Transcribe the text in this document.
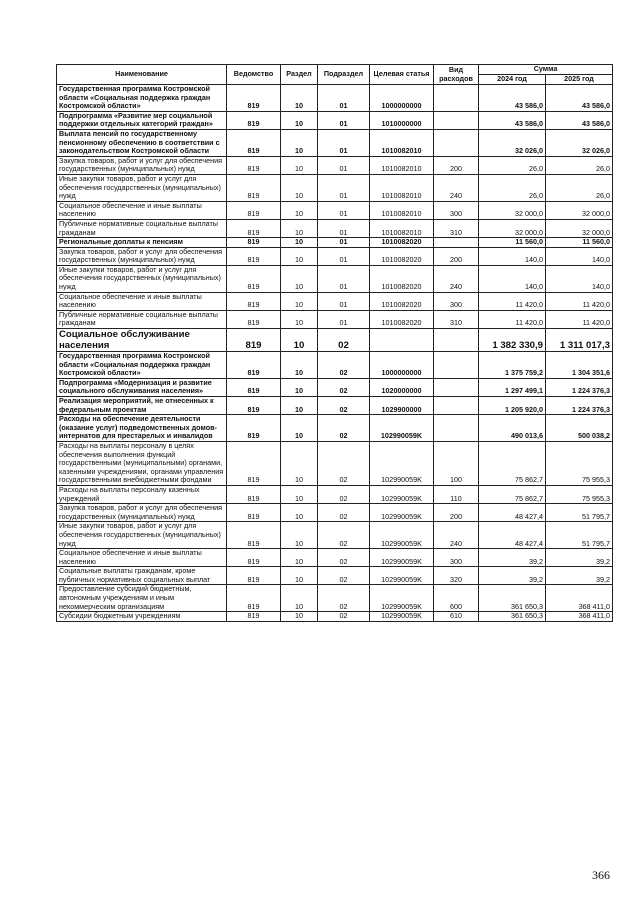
Наименование	Ведомство	Раздел	Подраздел	Целевая статья	Вид расходов	Сумма	
						2024 год	2025 год
Государственная программа Костромской области «Социальная поддержка граждан Костромской области»	819	10	01	1000000000		43 586,0	43 586,0
Подпрограмма «Развитие мер социальной поддержки отдельных категорий граждан»	819	10	01	1010000000		43 586,0	43 586,0
Выплата пенсий по государственному пенсионному обеспечению в соответствии с законодательством Костромской области	819	10	01	1010082010		32 026,0	32 026,0
Закупка товаров, работ и услуг для обеспечения государственных (муниципальных) нужд	819	10	01	1010082010	200	26,0	26,0
Иные закупки товаров, работ и услуг для обеспечения государственных (муниципальных) нужд	819	10	01	1010082010	240	26,0	26,0
Социальное обеспечение и иные выплаты населению	819	10	01	1010082010	300	32 000,0	32 000,0
Публичные нормативные социальные выплаты гражданам	819	10	01	1010082010	310	32 000,0	32 000,0
Региональные доплаты к пенсиям	819	10	01	1010082020		11 560,0	11 560,0
Закупка товаров, работ и услуг для обеспечения государственных (муниципальных) нужд	819	10	01	1010082020	200	140,0	140,0
Иные закупки товаров, работ и услуг для обеспечения государственных (муниципальных) нужд	819	10	01	1010082020	240	140,0	140,0
Социальное обеспечение и иные выплаты населению	819	10	01	1010082020	300	11 420,0	11 420,0
Публичные нормативные социальные выплаты гражданам	819	10	01	1010082020	310	11 420,0	11 420,0
Социальное обслуживание населения	819	10	02			1 382 330,9	1 311 017,3
Государственная программа Костромской области «Социальная поддержка граждан Костромской области»	819	10	02	1000000000		1 375 759,2	1 304 351,6
Подпрограмма «Модернизация и развитие социального обслуживания населения»	819	10	02	1020000000		1 297 499,1	1 224 376,3
Реализация мероприятий, не отнесенных к федеральным проектам	819	10	02	1029900000		1 205 920,0	1 224 376,3
Расходы на обеспечение деятельности (оказание услуг) подведомственных домов-интернатов для престарелых и инвалидов	819	10	02	102990059K		490 013,6	500 038,2
Расходы на выплаты персоналу в целях обеспечения выполнения функций государственными (муниципальными) органами, казенными учреждениями, органами управления государственными внебюджетными фондами	819	10	02	102990059K	100	75 862,7	75 955,3
Расходы на выплаты персоналу казенных учреждений	819	10	02	102990059K	110	75 862,7	75 955,3
Закупка товаров, работ и услуг для обеспечения государственных (муниципальных) нужд	819	10	02	102990059K	200	48 427,4	51 795,7
Иные закупки товаров, работ и услуг для обеспечения государственных (муниципальных) нужд	819	10	02	102990059K	240	48 427,4	51 795,7
Социальное обеспечение и иные выплаты населению	819	10	02	102990059K	300	39,2	39,2
Социальные выплаты гражданам, кроме публичных нормативных социальных выплат	819	10	02	102990059K	320	39,2	39,2
Предоставление субсидий бюджетным, автономным учреждениям и иным некоммерческим организациям	819	10	02	102990059K	600	361 650,3	368 411,0
Субсидии бюджетным учреждениям	819	10	02	102990059K	610	361 650,3	368 411,0
366
